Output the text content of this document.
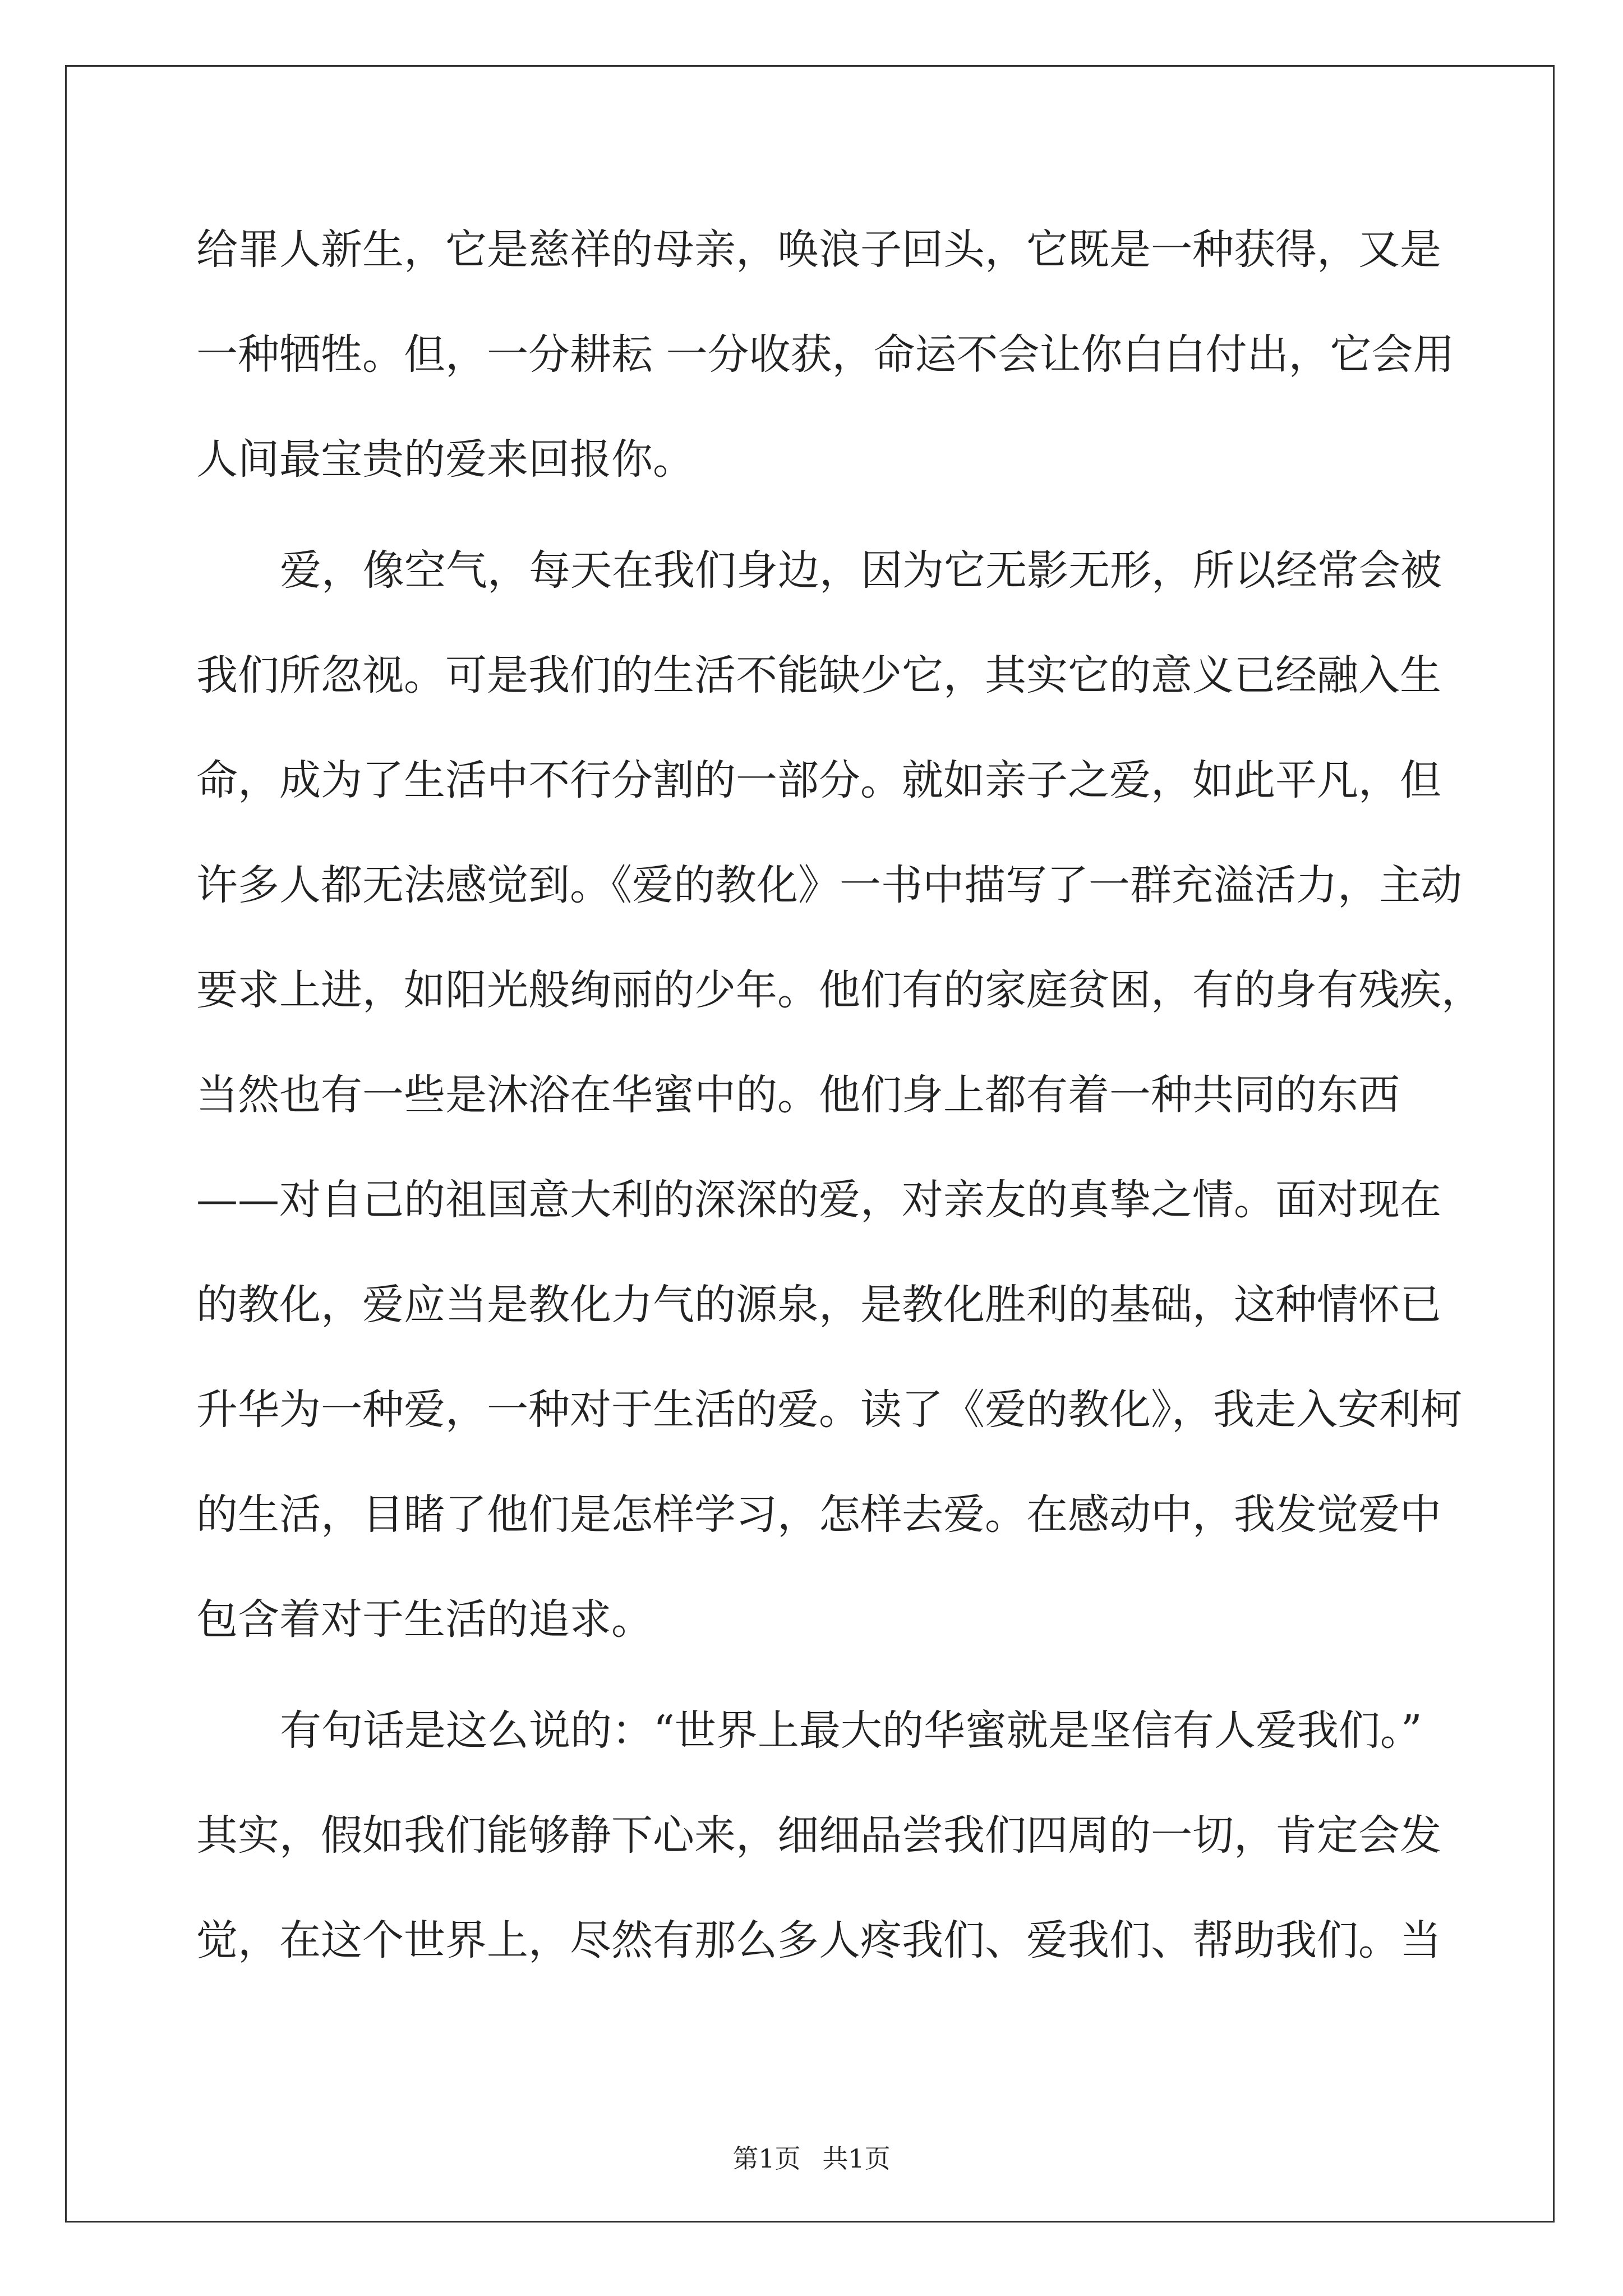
给罪人新生，它是慈祥的母亲，唤浪子回头，它既是一种获得，又是
一种牺牲。但，一分耕耘 一分收获，命运不会让你白白付出，它会用
人间最宝贵的爱来回报你。
　爱，像空气，每天在我们身边，因为它无影无形，所以经常会被
我们所忽视。可是我们的生活不能缺少它，其实它的意义已经融入生
命，成为了生活中不行分割的一部分。就如亲子之爱，如此平凡，但
许多人都无法感觉到。《爱的教化》一书中描写了一群充溢活力，主动
要求上进，如阳光般绚丽的少年。他们有的家庭贫困，有的身有残疾，
当然也有一些是沐浴在华蜜中的。他们身上都有着一种共同的东西
——对自己的祖国意大利的深深的爱，对亲友的真挚之情。面对现在
的教化，爱应当是教化力气的源泉，是教化胜利的基础，这种情怀已
升华为一种爱，一种对于生活的爱。读了《爱的教化》，我走入安利柯
的生活，目睹了他们是怎样学习，怎样去爱。在感动中，我发觉爱中
包含着对于生活的追求。
　有句话是这么说的：“世界上最大的华蜜就是坚信有人爱我们。”
其实，假如我们能够静下心来，细细品尝我们四周的一切，肯定会发
觉，在这个世界上，尽然有那么多人疼我们、爱我们、帮助我们。当
第1页 共1页
